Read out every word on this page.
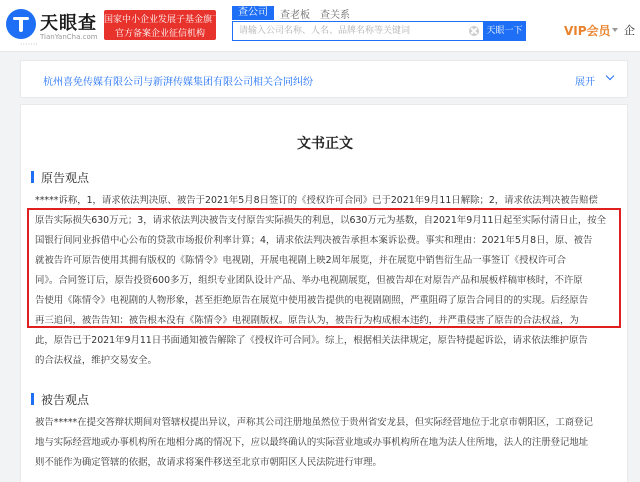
天眼查
TianYanCha.com
国家中小企业发展子基金旗下
官方备案企业征信机构
查公司	查老板 查关系
请输入公司名称、人名、品牌名称等关键词
天眼一下	VIP会员 企
·······
杭州喜免传媒有限公司与新湃传媒集团有限公司相关合同纠纷	展开
文书正文
原告观点
*****诉称，1，请求依法判决原、被告于2021年5月8日签订的《授权许可合同》已于2021年9月11日解除；2，请求依法判决被告赔偿
原告实际损失630万元；3，请求依法判决被告支付原告实际损失的利息，以630万元为基数，自2021年9月11日起至实际付清日止，按全
国银行间同业拆借中心公布的贷款市场报价利率计算；4，请求依法判决被告承担本案诉讼费。事实和理由：2021年5月8日，原、被告
就被告许可原告使用其拥有版权的《陈情令》电视剧，开展电视剧上映2周年展览，并在展览中销售衍生品一事签订《授权许可合
同》。合同签订后，原告投资600多万，组织专业团队设计产品、举办电视剧展览，但被告却在对原告产品和展板样稿审核时，不许原
告使用《陈情令》电视剧的人物形象，甚至拒绝原告在展览中使用被告提供的电视剧剧照，严重阻碍了原告合同目的的实现。后经原告
再三追问，被告告知：被告根本没有《陈情令》电视剧版权。原告认为，被告行为构成根本违约，并严重侵害了原告的合法权益，为
此，原告已于2021年9月11日书面通知被告解除了《授权许可合同》。综上，根据相关法律规定，原告特提起诉讼，请求依法维护原告
的合法权益，维护交易安全。
被告观点
被告*****在提交答辩状期间对管辖权提出异议，声称其公司注册地虽然位于贵州省安龙县，但实际经营地位于北京市朝阳区，工商登记
地与实际经营地或办事机构所在地相分离的情况下，应以最终确认的实际营业地或办事机构所在地为法人住所地，法人的注册登记地址
则不能作为确定管辖的依据，故请求将案件移送至北京市朝阳区人民法院进行审理。
